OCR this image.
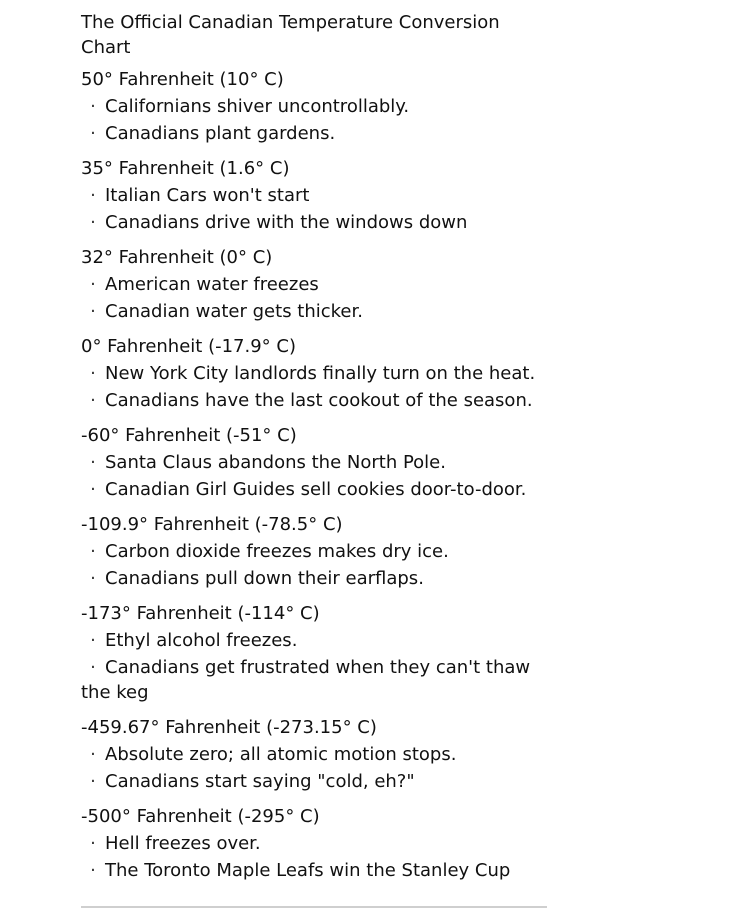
The Official Canadian Temperature Conversion Chart
50° Fahrenheit (10° C)
· Californians shiver uncontrollably.
· Canadians plant gardens.
35° Fahrenheit (1.6° C)
· Italian Cars won't start
· Canadians drive with the windows down
32° Fahrenheit (0° C)
· American water freezes
· Canadian water gets thicker.
0° Fahrenheit (-17.9° C)
· New York City landlords finally turn on the heat.
· Canadians have the last cookout of the season.
-60° Fahrenheit (-51° C)
· Santa Claus abandons the North Pole.
· Canadian Girl Guides sell cookies door-to-door.
-109.9° Fahrenheit (-78.5° C)
· Carbon dioxide freezes makes dry ice.
· Canadians pull down their earflaps.
-173° Fahrenheit (-114° C)
· Ethyl alcohol freezes.
· Canadians get frustrated when they can't thaw the keg
-459.67° Fahrenheit (-273.15° C)
· Absolute zero; all atomic motion stops.
· Canadians start saying "cold, eh?"
-500° Fahrenheit (-295° C)
· Hell freezes over.
· The Toronto Maple Leafs win the Stanley Cup
